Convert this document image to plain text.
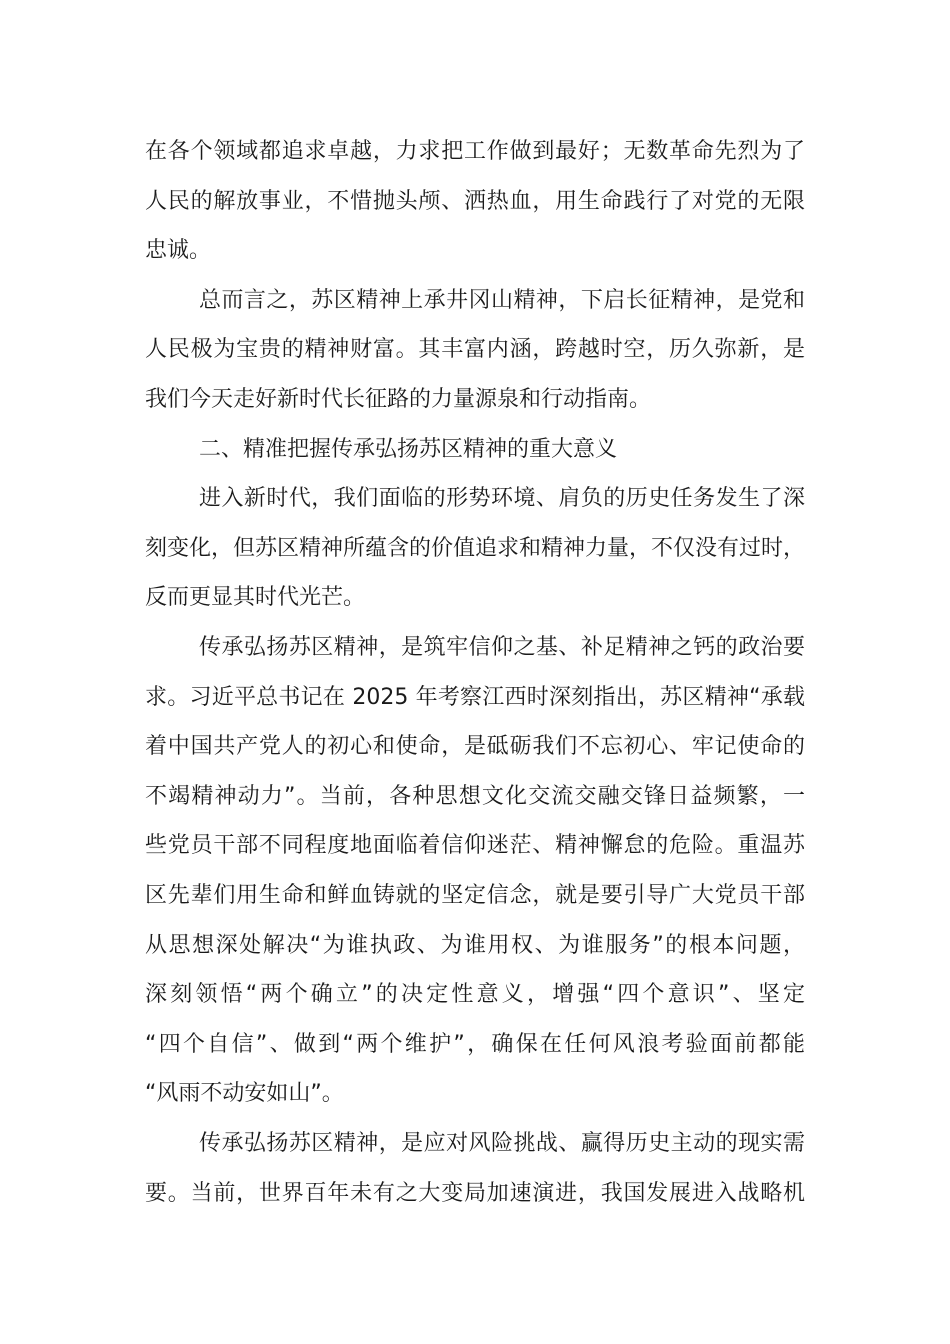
在各个领域都追求卓越，力求把工作做到最好；无数革命先烈为了
人民的解放事业，不惜抛头颅、洒热血，用生命践行了对党的无限
忠诚。
总而言之，苏区精神上承井冈山精神，下启长征精神，是党和
人民极为宝贵的精神财富。其丰富内涵，跨越时空，历久弥新，是
我们今天走好新时代长征路的力量源泉和行动指南。
二、精准把握传承弘扬苏区精神的重大意义
进入新时代，我们面临的形势环境、肩负的历史任务发生了深
刻变化，但苏区精神所蕴含的价值追求和精神力量，不仅没有过时，
反而更显其时代光芒。
传承弘扬苏区精神，是筑牢信仰之基、补足精神之钙的政治要
求。习近平总书记在 2025 年考察江西时深刻指出，苏区精神“承载
着中国共产党人的初心和使命，是砥砺我们不忘初心、牢记使命的
不竭精神动力”。当前，各种思想文化交流交融交锋日益频繁，一
些党员干部不同程度地面临着信仰迷茫、精神懈怠的危险。重温苏
区先辈们用生命和鲜血铸就的坚定信念，就是要引导广大党员干部
从思想深处解决“为谁执政、为谁用权、为谁服务”的根本问题，
深刻领悟“两个确立”的决定性意义，增强“四个意识”、坚定
“四个自信”、做到“两个维护”，确保在任何风浪考验面前都能
“风雨不动安如山”。
传承弘扬苏区精神，是应对风险挑战、赢得历史主动的现实需
要。当前，世界百年未有之大变局加速演进，我国发展进入战略机
